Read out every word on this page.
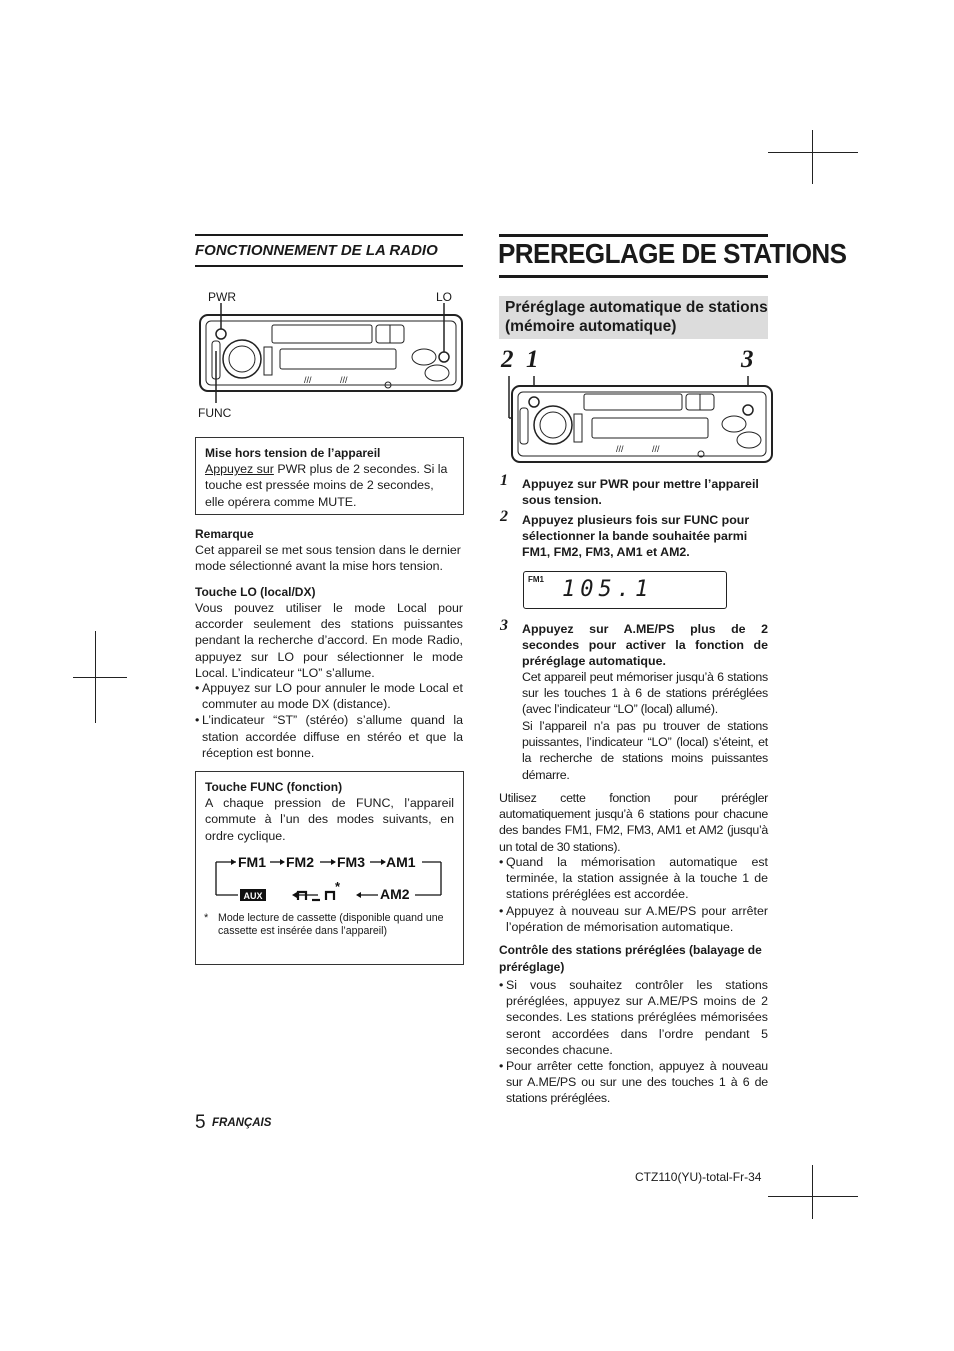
FONCTIONNEMENT DE LA RADIO
PWR	LO
FUNC
///	///
Mise hors tension de l’appareil
Appuyez sur PWR plus de 2 secondes. Si la touche est pressée moins de 2 secondes, elle opérera comme MUTE.
Remarque
Cet appareil se met sous tension dans le dernier mode sélectionné avant la mise hors tension.
Touche LO (local/DX)
Vous pouvez utiliser le mode Local pour accorder seulement des stations puissantes pendant la recherche d’accord. En mode Radio, appuyez sur LO pour sélectionner le mode Local. L’indicateur “LO” s’allume.
• Appuyez sur LO pour annuler le mode Local et commuter au mode DX (distance).
• L’indicateur “ST” (stéréo) s’allume quand la station accordée diffuse en stéréo et que la réception est bonne.
Touche FUNC (fonction)
A chaque pression de FUNC, l’appareil commute à l’un des modes suivants, en ordre cyclique.
FM1 FM2 FM3 AM1
AM2
AUX
*
* Mode lecture de cassette (disponible quand une cassette est insérée dans l’appareil)
5 FRANÇAIS
PREREGLAGE DE STATIONS
Préréglage automatique de stations
(mémoire automatique)
2 1	3
///	///
1 Appuyez sur PWR pour mettre l’appareil sous tension.
2 Appuyez plusieurs fois sur FUNC pour sélectionner la bande souhaitée parmi FM1, FM2, FM3, AM1 et AM2.
FM1 105.1
3 Appuyez sur A.ME/PS plus de 2 secondes pour activer la fonction de préréglage automatique.
Cet appareil peut mémoriser jusqu’à 6 stations sur les touches 1 à 6 de stations préréglées (avec l’indicateur “LO” (local) allumé).
Si l’appareil n’a pas pu trouver de stations puissantes, l’indicateur “LO” (local) s’éteint, et la recherche de stations moins puissantes démarre.
Utilisez cette fonction pour prérégler automatiquement jusqu’à 6 stations pour chacune des bandes FM1, FM2, FM3, AM1 et AM2 (jusqu’à un total de 30 stations).
• Quand la mémorisation automatique est terminée, la station assignée à la touche 1 de stations préréglées est accordée.
• Appuyez à nouveau sur A.ME/PS pour arrêter l’opération de mémorisation automatique.
Contrôle des stations préréglées (balayage de préréglage)
• Si vous souhaitez contrôler les stations préréglées, appuyez sur A.ME/PS moins de 2 secondes. Les stations préréglées mémorisées seront accordées dans l’ordre pendant 5 secondes chacune.
• Pour arrêter cette fonction, appuyez à nouveau sur A.ME/PS ou sur une des touches 1 à 6 de stations préréglées.
CTZ110(YU)-total-Fr-34
